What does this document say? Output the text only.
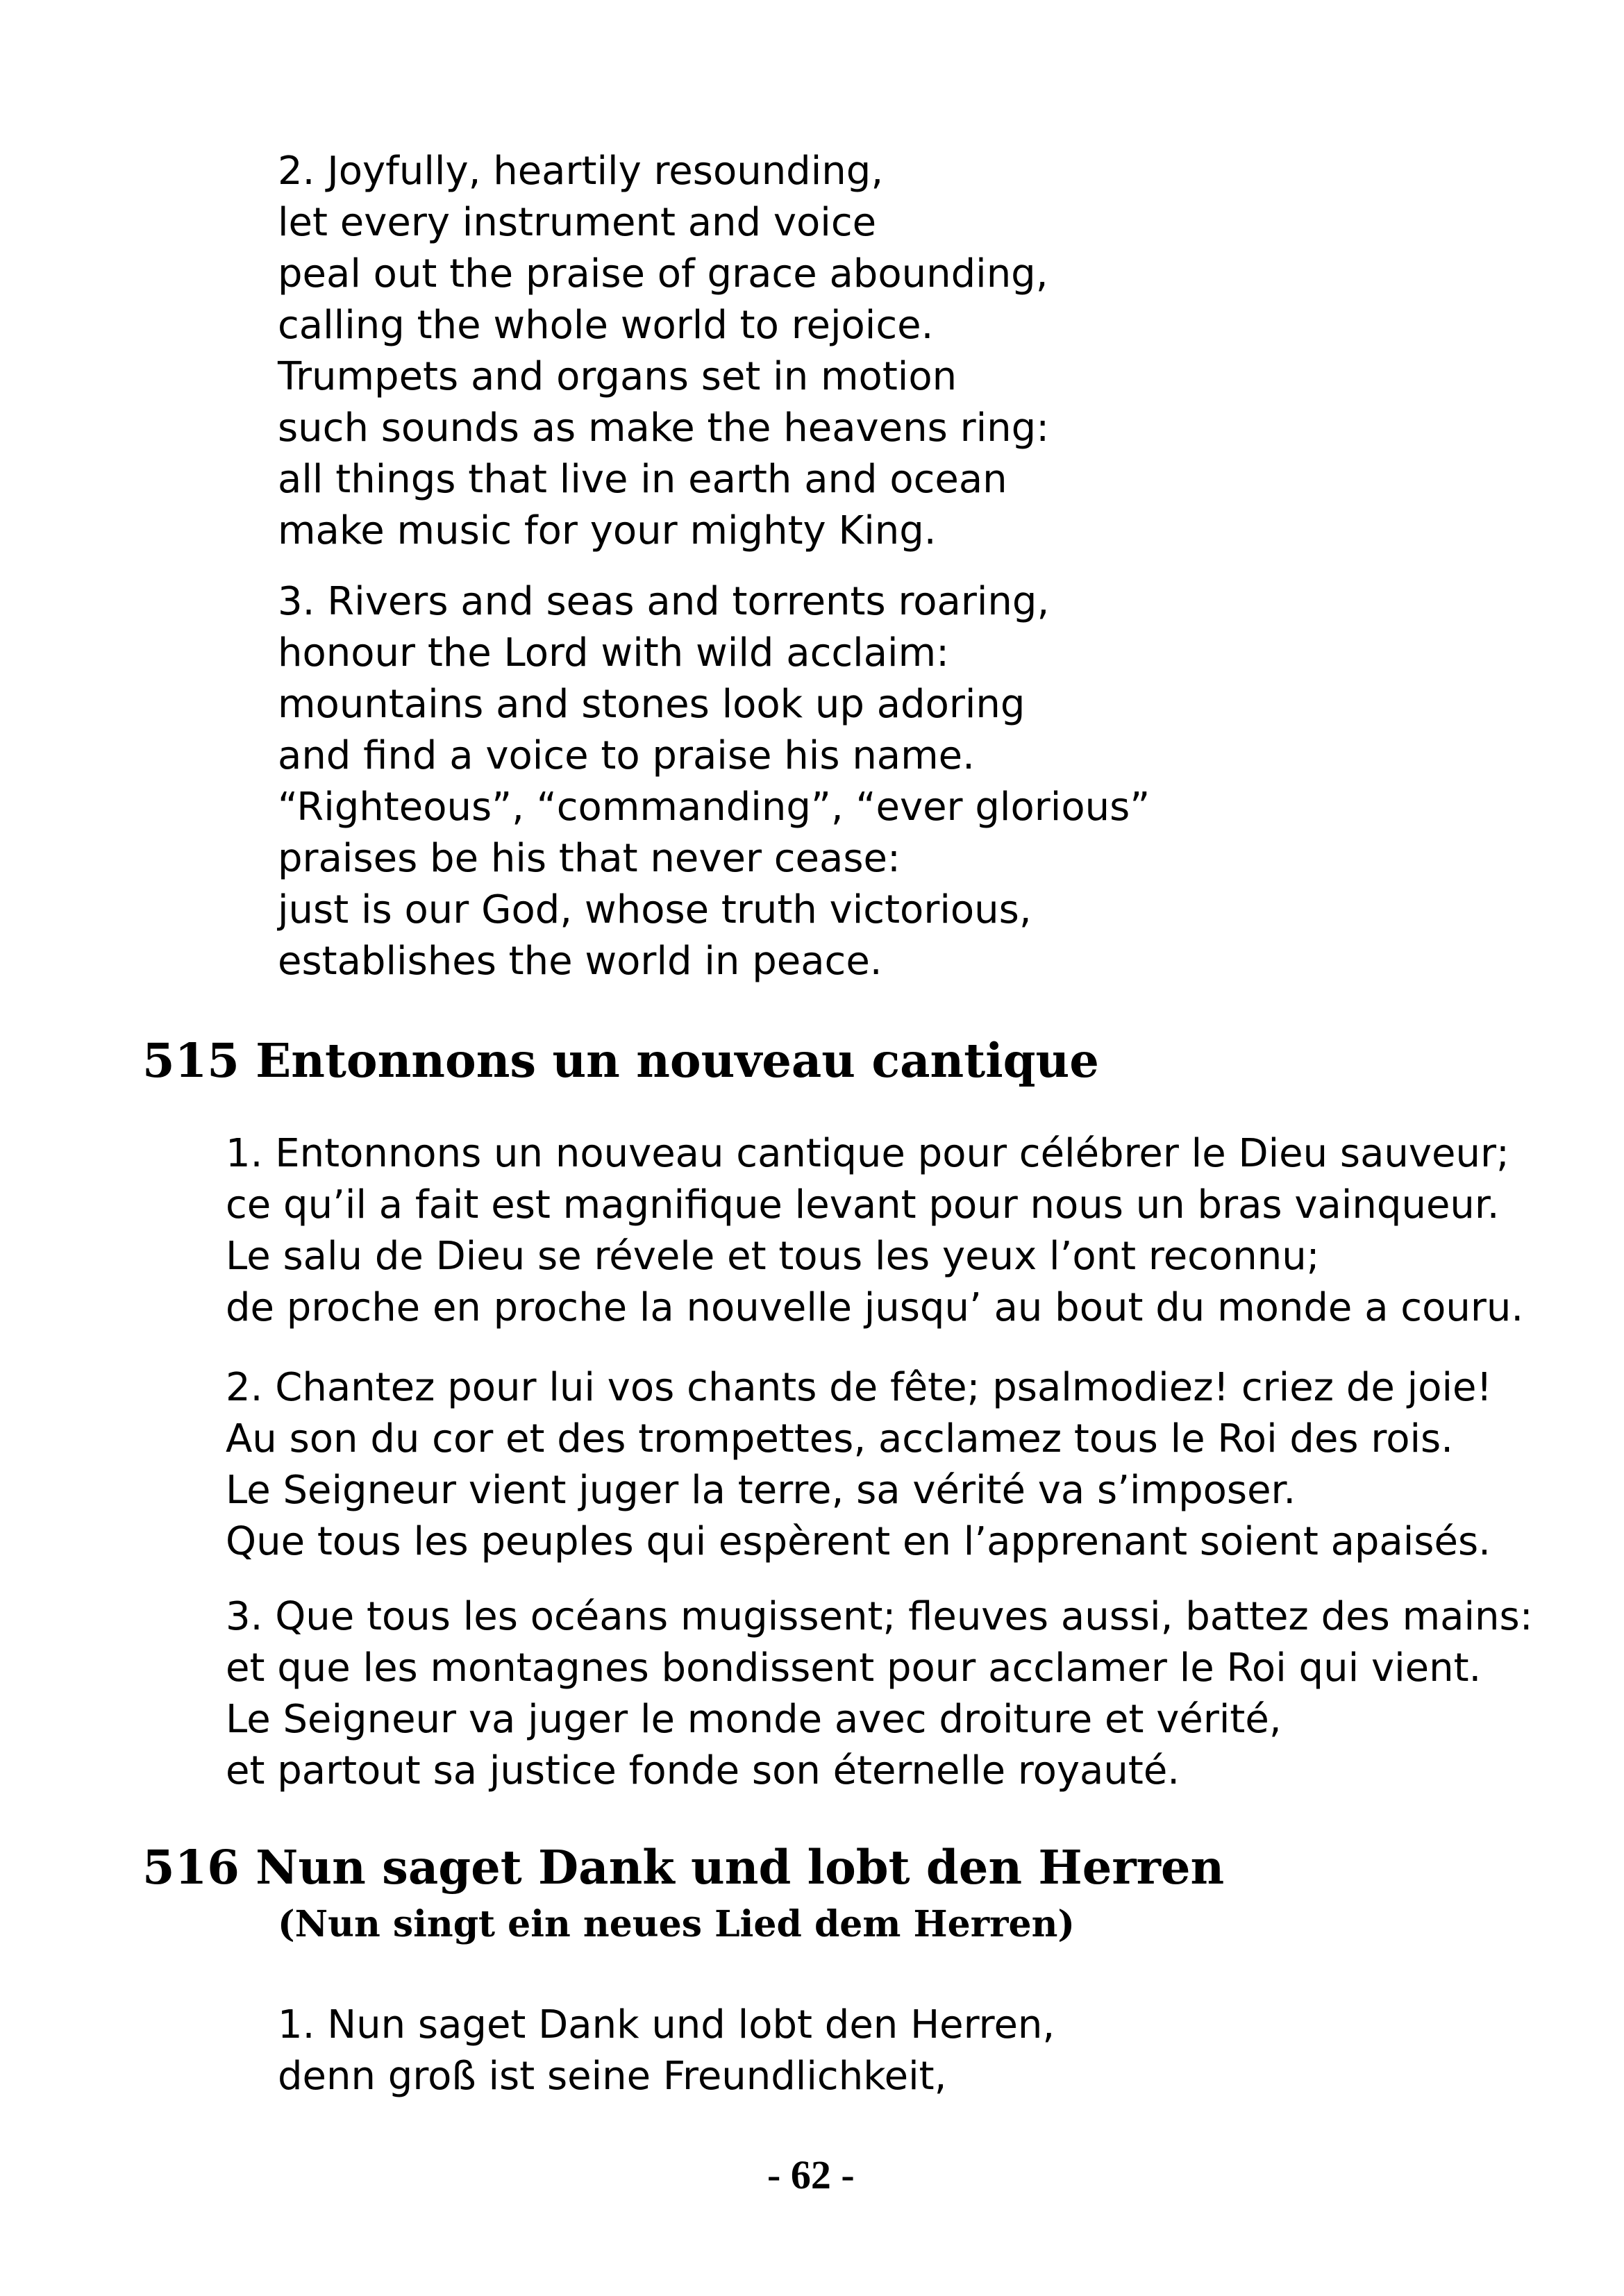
2. Joyfully, heartily resounding,
let every instrument and voice
peal out the praise of grace abounding,
calling the whole world to rejoice.
Trumpets and organs set in motion
such sounds as make the heavens ring:
all things that live in earth and ocean
make music for your mighty King.
3. Rivers and seas and torrents roaring,
honour the Lord with wild acclaim:
mountains and stones look up adoring
and find a voice to praise his name.
“Righteous”, “commanding”, “ever glorious”
praises be his that never cease:
just is our God, whose truth victorious,
establishes the world in peace.
515 Entonnons un nouveau cantique
1. Entonnons un nouveau cantique pour célébrer le Dieu sauveur;
ce qu’il a fait est magnifique levant pour nous un bras vainqueur.
Le salu de Dieu se révele et tous les yeux l’ont reconnu;
de proche en proche la nouvelle jusqu’ au bout du monde a couru.
2. Chantez pour lui vos chants de fête; psalmodiez! criez de joie!
Au son du cor et des trompettes, acclamez tous le Roi des rois.
Le Seigneur vient juger la terre, sa vérité va s’imposer.
Que tous les peuples qui espèrent en l’apprenant soient apaisés.
3. Que tous les océans mugissent; fleuves aussi, battez des mains:
et que les montagnes bondissent pour acclamer le Roi qui vient.
Le Seigneur va juger le monde avec droiture et vérité,
et partout sa justice fonde son éternelle royauté.
516 Nun saget Dank und lobt den Herren
(Nun singt ein neues Lied dem Herren)
1. Nun saget Dank und lobt den Herren,
denn groß ist seine Freundlichkeit,
- 62 -
